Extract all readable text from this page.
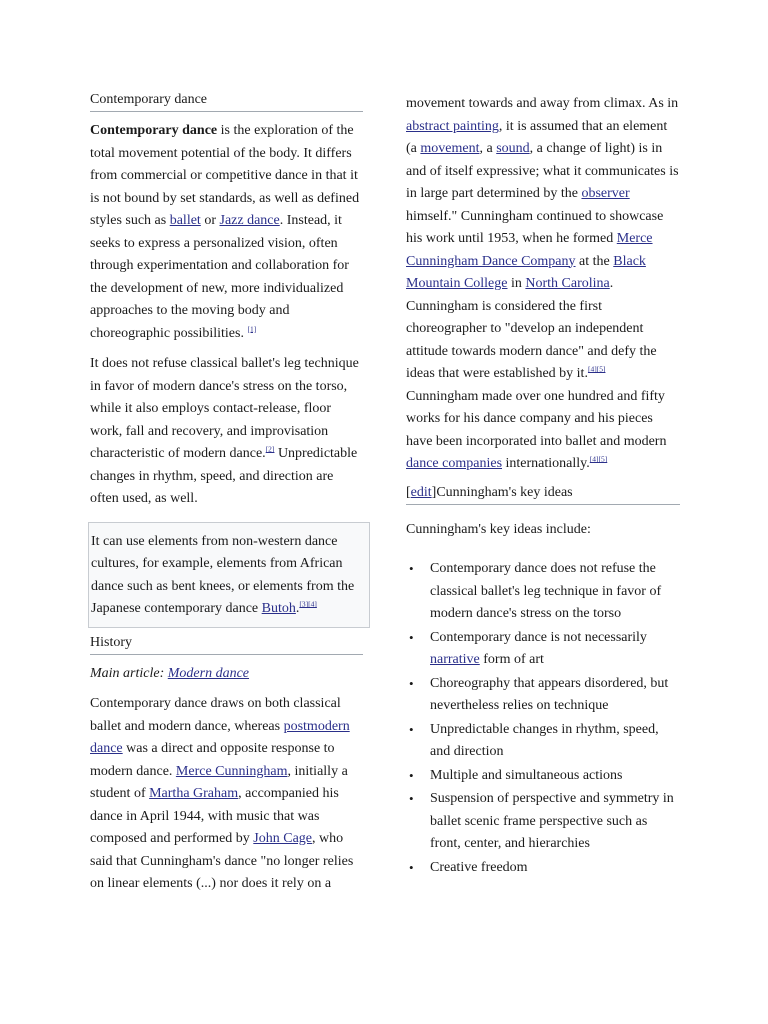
Contemporary dance

Contemporary dance is the exploration of the total movement potential of the body. It differs from commercial or competitive dance in that it is not bound by set standards, as well as defined styles such as ballet or Jazz dance. Instead, it seeks to express a personalized vision, often through experimentation and collaboration for the development of new, more individualized approaches to the moving body and choreographic possibilities. [1]

It does not refuse classical ballet's leg technique in favor of modern dance's stress on the torso, while it also employs contact-release, floor work, fall and recovery, and improvisation characteristic of modern dance.[2] Unpredictable changes in rhythm, speed, and direction are often used, as well.

It can use elements from non-western dance cultures, for example, elements from African dance such as bent knees, or elements from the Japanese contemporary dance Butoh.[3][4]

History

Main article: Modern dance

Contemporary dance draws on both classical ballet and modern dance, whereas postmodern dance was a direct and opposite response to modern dance. Merce Cunningham, initially a student of Martha Graham, accompanied his dance in April 1944, with music that was composed and performed by John Cage, who said that Cunningham's dance "no longer relies on linear elements (...) nor does it rely on a

movement towards and away from climax. As in abstract painting, it is assumed that an element (a movement, a sound, a change of light) is in and of itself expressive; what it communicates is in large part determined by the observer himself." Cunningham continued to showcase his work until 1953, when he formed Merce Cunningham Dance Company at the Black Mountain College in North Carolina. Cunningham is considered the first choreographer to "develop an independent attitude towards modern dance" and defy the ideas that were established by it.[4][5] Cunningham made over one hundred and fifty works for his dance company and his pieces have been incorporated into ballet and modern dance companies internationally.[4][5]

[edit]Cunningham's key ideas

Cunningham's key ideas include:

• Contemporary dance does not refuse the classical ballet's leg technique in favor of modern dance's stress on the torso
• Contemporary dance is not necessarily narrative form of art
• Choreography that appears disordered, but nevertheless relies on technique
• Unpredictable changes in rhythm, speed, and direction
• Multiple and simultaneous actions
• Suspension of perspective and symmetry in ballet scenic frame perspective such as front, center, and hierarchies
• Creative freedom
